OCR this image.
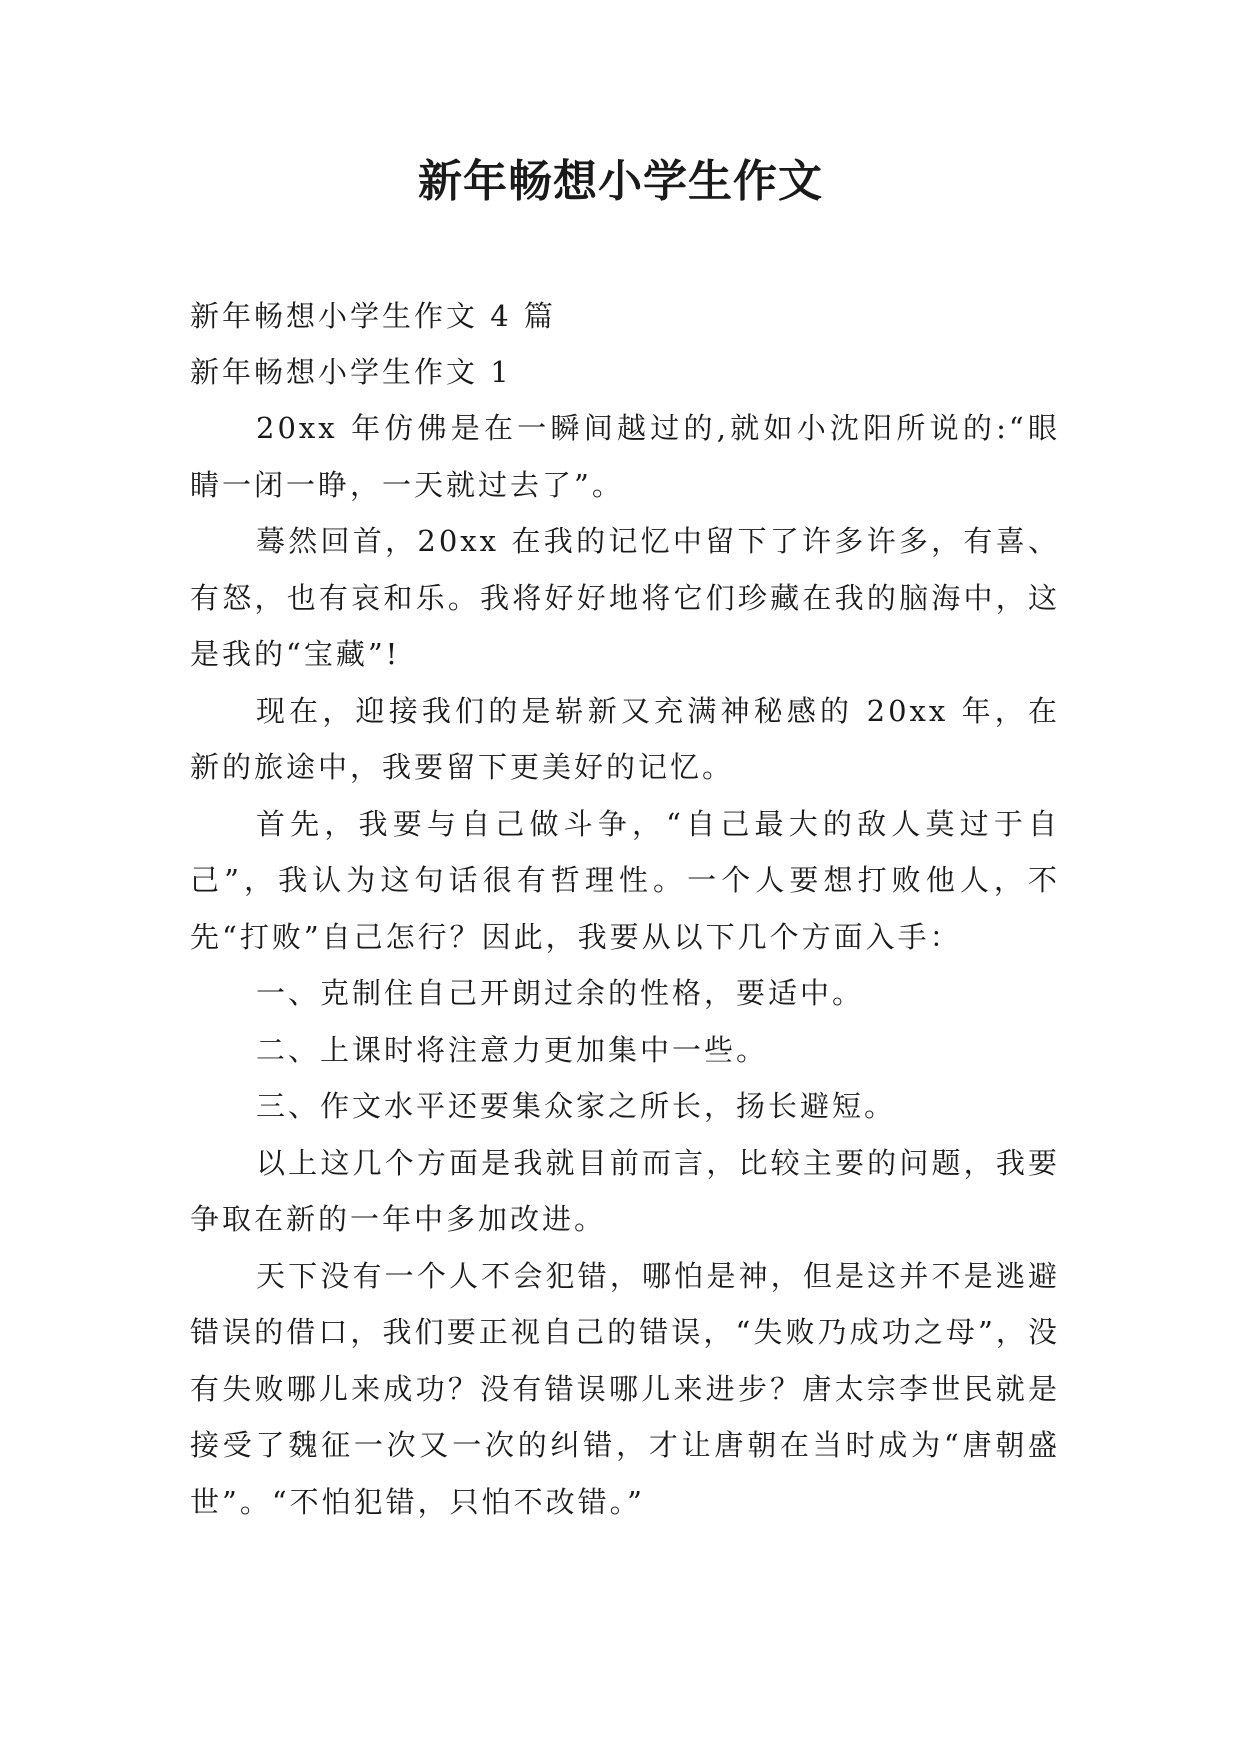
新年畅想小学生作文

新年畅想小学生作文 4 篇

新年畅想小学生作文 1

20xx 年仿佛是在一瞬间越过的,就如小沈阳所说的:“眼睛一闭一睁，一天就过去了”。

蓦然回首，20xx 在我的记忆中留下了许多许多，有喜、有怒，也有哀和乐。我将好好地将它们珍藏在我的脑海中，这是我的“宝藏”!

现在，迎接我们的是崭新又充满神秘感的 20xx 年，在新的旅途中，我要留下更美好的记忆。

首先，我要与自己做斗争，“自己最大的敌人莫过于自己”，我认为这句话很有哲理性。一个人要想打败他人，不先“打败”自己怎行？因此，我要从以下几个方面入手：

一、克制住自己开朗过余的性格，要适中。

二、上课时将注意力更加集中一些。

三、作文水平还要集众家之所长，扬长避短。

以上这几个方面是我就目前而言，比较主要的问题，我要争取在新的一年中多加改进。

天下没有一个人不会犯错，哪怕是神，但是这并不是逃避错误的借口，我们要正视自己的错误，“失败乃成功之母”，没有失败哪儿来成功？没有错误哪儿来进步？唐太宗李世民就是接受了魏征一次又一次的纠错，才让唐朝在当时成为“唐朝盛世”。“不怕犯错，只怕不改错。”
